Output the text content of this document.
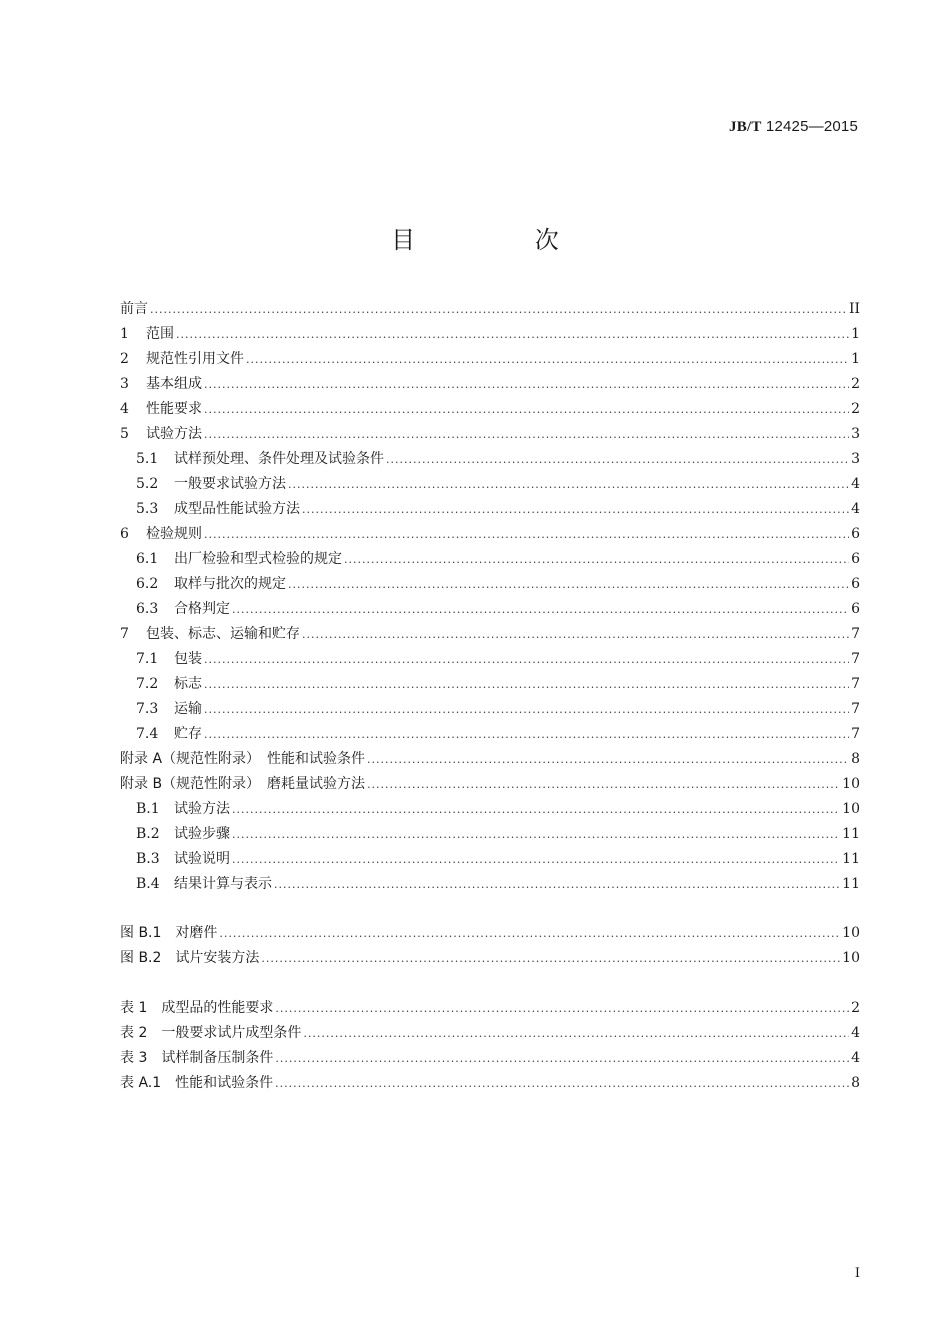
JB/T 12425—2015
目 次
前言 .....	II
1	范围 .....	1
2	规范性引用文件 .....	1
3	基本组成 .....	2
4	性能要求 .....	2
5	试验方法 .....	3
5.1	试样预处理、条件处理及试验条件 .....	3
5.2	一般要求试验方法 .....	4
5.3	成型品性能试验方法 .....	4
6	检验规则 .....	6
6.1	出厂检验和型式检验的规定 .....	6
6.2	取样与批次的规定 .....	6
6.3	合格判定 .....	6
7	包装、标志、运输和贮存 .....	7
7.1	包装 .....	7
7.2	标志 .....	7
7.3	运输 .....	7
7.4	贮存 .....	7
附录 A（规范性附录）　性能和试验条件 .....	8
附录 B（规范性附录）　磨耗量试验方法 .....	10
B.1	试验方法 .....	10
B.2	试验步骤 .....	11
B.3	试验说明 .....	11
B.4	结果计算与表示 .....	11
图 B.1　对磨件 .....	10
图 B.2　试片安装方法 .....	10
表 1　成型品的性能要求 .....	2
表 2　一般要求试片成型条件 .....	4
表 3　试样制备压制条件 .....	4
表 A.1　性能和试验条件 .....	8
I
